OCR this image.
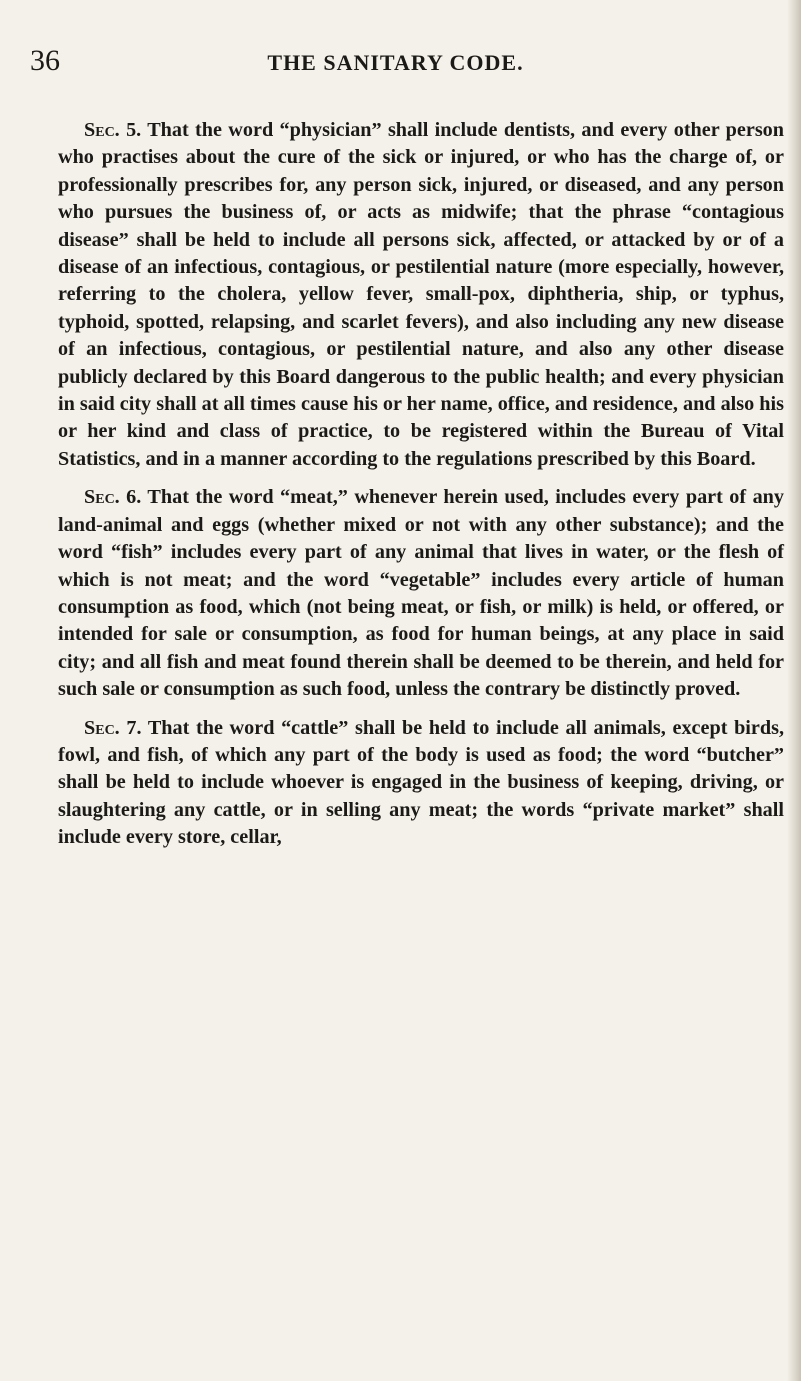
36	THE SANITARY CODE.

Sec. 5. That the word “physician” shall include dentists, and every other person who practises about the cure of the sick or injured, or who has the charge of, or professionally prescribes for, any person sick, injured, or diseased, and any person who pursues the business of, or acts as midwife; that the phrase “contagious disease” shall be held to include all persons sick, affected, or attacked by or of a disease of an infectious, contagious, or pestilential nature (more especially, however, referring to the cholera, yellow fever, small-pox, diphtheria, ship, or typhus, typhoid, spotted, relapsing, and scarlet fevers), and also including any new disease of an infectious, contagious, or pestilential nature, and also any other disease publicly declared by this Board dangerous to the public health; and every physician in said city shall at all times cause his or her name, office, and residence, and also his or her kind and class of practice, to be registered within the Bureau of Vital Statistics, and in a manner according to the regulations prescribed by this Board.

Sec. 6. That the word “meat,” whenever herein used, includes every part of any land-animal and eggs (whether mixed or not with any other substance); and the word “fish” includes every part of any animal that lives in water, or the flesh of which is not meat; and the word “vegetable” includes every article of human consumption as food, which (not being meat, or fish, or milk) is held, or offered, or intended for sale or consumption, as food for human beings, at any place in said city; and all fish and meat found therein shall be deemed to be therein, and held for such sale or consumption as such food, unless the contrary be distinctly proved.

Sec. 7. That the word “cattle” shall be held to include all animals, except birds, fowl, and fish, of which any part of the body is used as food; the word “butcher” shall be held to include whoever is engaged in the business of keeping, driving, or slaughtering any cattle, or in selling any meat; the words “private market” shall include every store, cellar,
